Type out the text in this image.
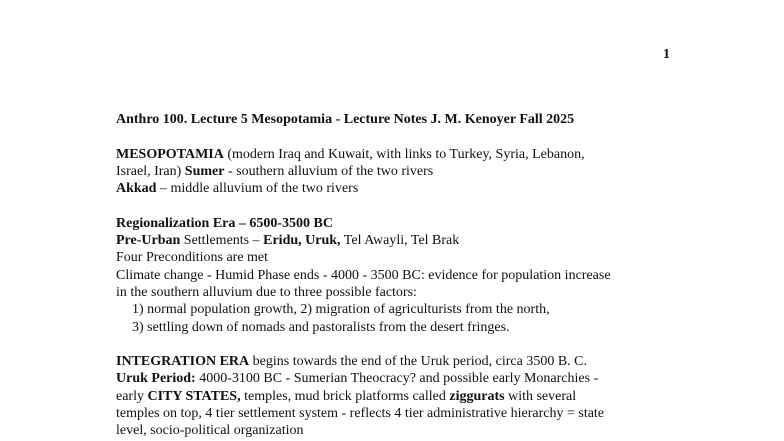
1
Anthro 100. Lecture 5 Mesopotamia - Lecture Notes J. M. Kenoyer Fall 2025
MESOPOTAMIA (modern Iraq and Kuwait, with links to Turkey, Syria, Lebanon,
Israel, Iran) Sumer - southern alluvium of the two rivers
Akkad – middle alluvium of the two rivers
Regionalization Era – 6500-3500 BC
Pre-Urban Settlements – Eridu, Uruk, Tel Awayli, Tel Brak
Four Preconditions are met
Climate change - Humid Phase ends - 4000 - 3500 BC: evidence for population increase
in the southern alluvium due to three possible factors:
1) normal population growth, 2) migration of agriculturists from the north,
3) settling down of nomads and pastoralists from the desert fringes.
INTEGRATION ERA begins towards the end of the Uruk period, circa 3500 B. C.
Uruk Period: 4000-3100 BC - Sumerian Theocracy? and possible early Monarchies -
early CITY STATES, temples, mud brick platforms called ziggurats with several
temples on top, 4 tier settlement system - reflects 4 tier administrative hierarchy = state
level, socio-political organization
